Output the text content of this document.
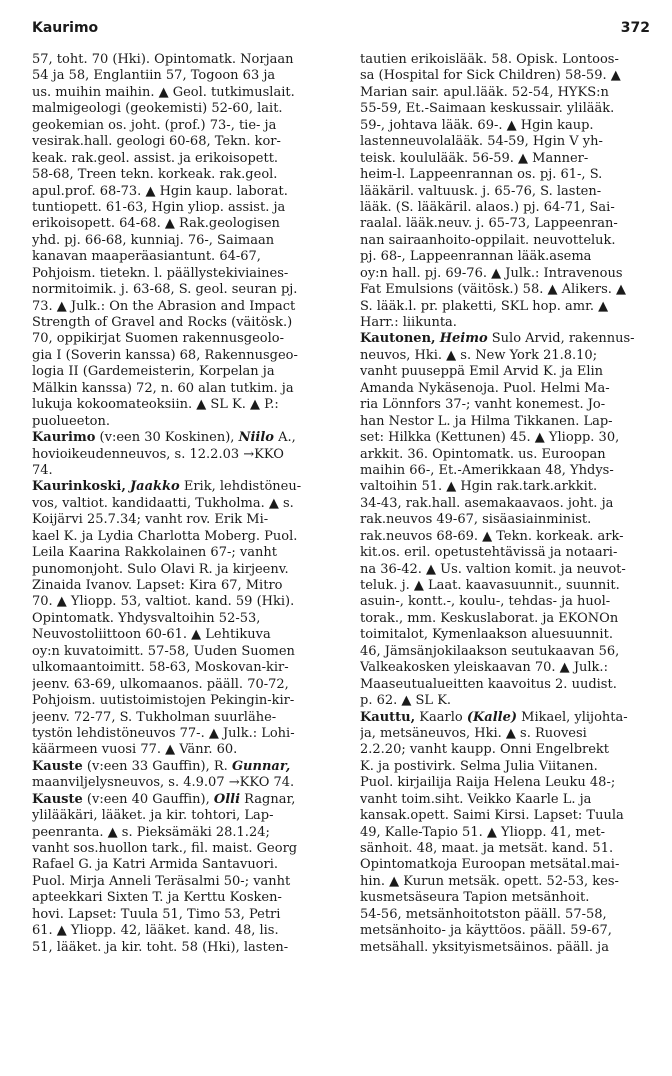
Kaurimo	372
57, toht. 70 (Hki). Opintomatk. Norjaan
54 ja 58, Englantiin 57, Togoon 63 ja
us. muihin maihin. ▲ Geol. tutkimuslait.
malmigeologi (geokemisti) 52-60, lait.
geokemian os. joht. (prof.) 73-, tie- ja
vesirak.hall. geologi 60-68, Tekn. kor-
keak. rak.geol. assist. ja erikoisopett.
58-68, Treen tekn. korkeak. rak.geol.
apul.prof. 68-73. ▲ Hgin kaup. laborat.
tuntiopett. 61-63, Hgin yliop. assist. ja
erikoisopett. 64-68. ▲ Rak.geologisen
yhd. pj. 66-68, kunniaj. 76-, Saimaan
kanavan maaperäasiantunt. 64-67,
Pohjoism. tietekn. l. päällystekiviaines-
normitoimik. j. 63-68, S. geol. seuran pj.
73. ▲ Julk.: On the Abrasion and Impact
Strength of Gravel and Rocks (väitösk.)
70, oppikirjat Suomen rakennusgeolo-
gia I (Soverin kanssa) 68, Rakennusgeo-
logia II (Gardemeisterin, Korpelan ja
Mälkin kanssa) 72, n. 60 alan tutkim. ja
lukuja kokoomateoksiin. ▲ SL K. ▲ P.:
puolueeton.
Kaurimo (v:een 30 Koskinen), Niilo A.,
hovioikeudenneuvos, s. 12.2.03 →KKO
74.
Kaurinkoski, Jaakko Erik, lehdistöneu-
vos, valtiot. kandidaatti, Tukholma. ▲ s.
Koijärvi 25.7.34; vanht rov. Erik Mi-
kael K. ja Lydia Charlotta Moberg. Puol.
Leila Kaarina Rakkolainen 67-; vanht
punomonjoht. Sulo Olavi R. ja kirjeenv.
Zinaida Ivanov. Lapset: Kira 67, Mitro
70. ▲ Yliopp. 53, valtiot. kand. 59 (Hki).
Opintomatk. Yhdysvaltoihin 52-53,
Neuvostoliittoon 60-61. ▲ Lehtikuva
oy:n kuvatoimitt. 57-58, Uuden Suomen
ulkomaantoimitt. 58-63, Moskovan-kir-
jeenv. 63-69, ulkomaanos. pääll. 70-72,
Pohjoism. uutistoimistojen Pekingin-kir-
jeenv. 72-77, S. Tukholman suurlähe-
tystön lehdistöneuvos 77-. ▲ Julk.: Lohi-
käärmeen vuosi 77. ▲ Vänr. 60.
Kauste (v:een 33 Gauffin), R. Gunnar,
maanviljelysneuvos, s. 4.9.07 →KKO 74.
Kauste (v:een 40 Gauffin), Olli Ragnar,
ylilääkäri, lääket. ja kir. tohtori, Lap-
peenranta. ▲ s. Pieksämäki 28.1.24;
vanht sos.huollon tark., fil. maist. Georg
Rafael G. ja Katri Armida Santavuori.
Puol. Mirja Anneli Teräsalmi 50-; vanht
apteekkari Sixten T. ja Kerttu Kosken-
hovi. Lapset: Tuula 51, Timo 53, Petri
61. ▲ Yliopp. 42, lääket. kand. 48, lis.
51, lääket. ja kir. toht. 58 (Hki), lasten-
tautien erikoislääk. 58. Opisk. Lontoos-
sa (Hospital for Sick Children) 58-59. ▲
Marian sair. apul.lääk. 52-54, HYKS:n
55-59, Et.-Saimaan keskussair. ylilääk.
59-, johtava lääk. 69-. ▲ Hgin kaup.
lastenneuvolalääk. 54-59, Hgin V yh-
teisk. koululääk. 56-59. ▲ Manner-
heim-l. Lappeenrannan os. pj. 61-, S.
lääkäril. valtuusk. j. 65-76, S. lasten-
lääk. (S. lääkäril. alaos.) pj. 64-71, Sai-
raalal. lääk.neuv. j. 65-73, Lappeenran-
nan sairaanhoito-oppilait. neuvotteluk.
pj. 68-, Lappeenrannan lääk.asema
oy:n hall. pj. 69-76. ▲ Julk.: Intravenous
Fat Emulsions (väitösk.) 58. ▲ Alikers. ▲
S. lääk.l. pr. plaketti, SKL hop. amr. ▲
Harr.: liikunta.
Kautonen, Heimo Sulo Arvid, rakennus-
neuvos, Hki. ▲ s. New York 21.8.10;
vanht puuseppä Emil Arvid K. ja Elin
Amanda Nykäsenoja. Puol. Helmi Ma-
ria Lönnfors 37-; vanht konemest. Jo-
han Nestor L. ja Hilma Tikkanen. Lap-
set: Hilkka (Kettunen) 45. ▲ Yliopp. 30,
arkkit. 36. Opintomatk. us. Euroopan
maihin 66-, Et.-Amerikkaan 48, Yhdys-
valtoihin 51. ▲ Hgin rak.tark.arkkit.
34-43, rak.hall. asemakaavaos. joht. ja
rak.neuvos 49-67, sisäasiainminist.
rak.neuvos 68-69. ▲ Tekn. korkeak. ark-
kit.os. eril. opetustehtävissä ja notaari-
na 36-42. ▲ Us. valtion komit. ja neuvot-
teluk. j. ▲ Laat. kaavasuunnit., suunnit.
asuin-, kontt.-, koulu-, tehdas- ja huol-
torak., mm. Keskuslaborat. ja EKONOn
toimitalot, Kymenlaakson aluesuunnit.
46, Jämsänjokilaakson seutukaavan 56,
Valkeakosken yleiskaavan 70. ▲ Julk.:
Maaseutualueitten kaavoitus 2. uudist.
p. 62. ▲ SL K.
Kauttu, Kaarlo (Kalle) Mikael, ylijohta-
ja, metsäneuvos, Hki. ▲ s. Ruovesi
2.2.20; vanht kaupp. Onni Engelbrekt
K. ja postivirk. Selma Julia Viitanen.
Puol. kirjailija Raija Helena Leuku 48-;
vanht toim.siht. Veikko Kaarle L. ja
kansak.opett. Saimi Kirsi. Lapset: Tuula
49, Kalle-Tapio 51. ▲ Yliopp. 41, met-
sänhoit. 48, maat. ja metsät. kand. 51.
Opintomatkoja Euroopan metsätal.mai-
hin. ▲ Kurun metsäk. opett. 52-53, kes-
kusmetsäseura Tapion metsänhoit.
54-56, metsänhoitotston pääll. 57-58,
metsänhoito- ja käyttöos. pääll. 59-67,
metsähall. yksityismetsäinos. pääll. ja
